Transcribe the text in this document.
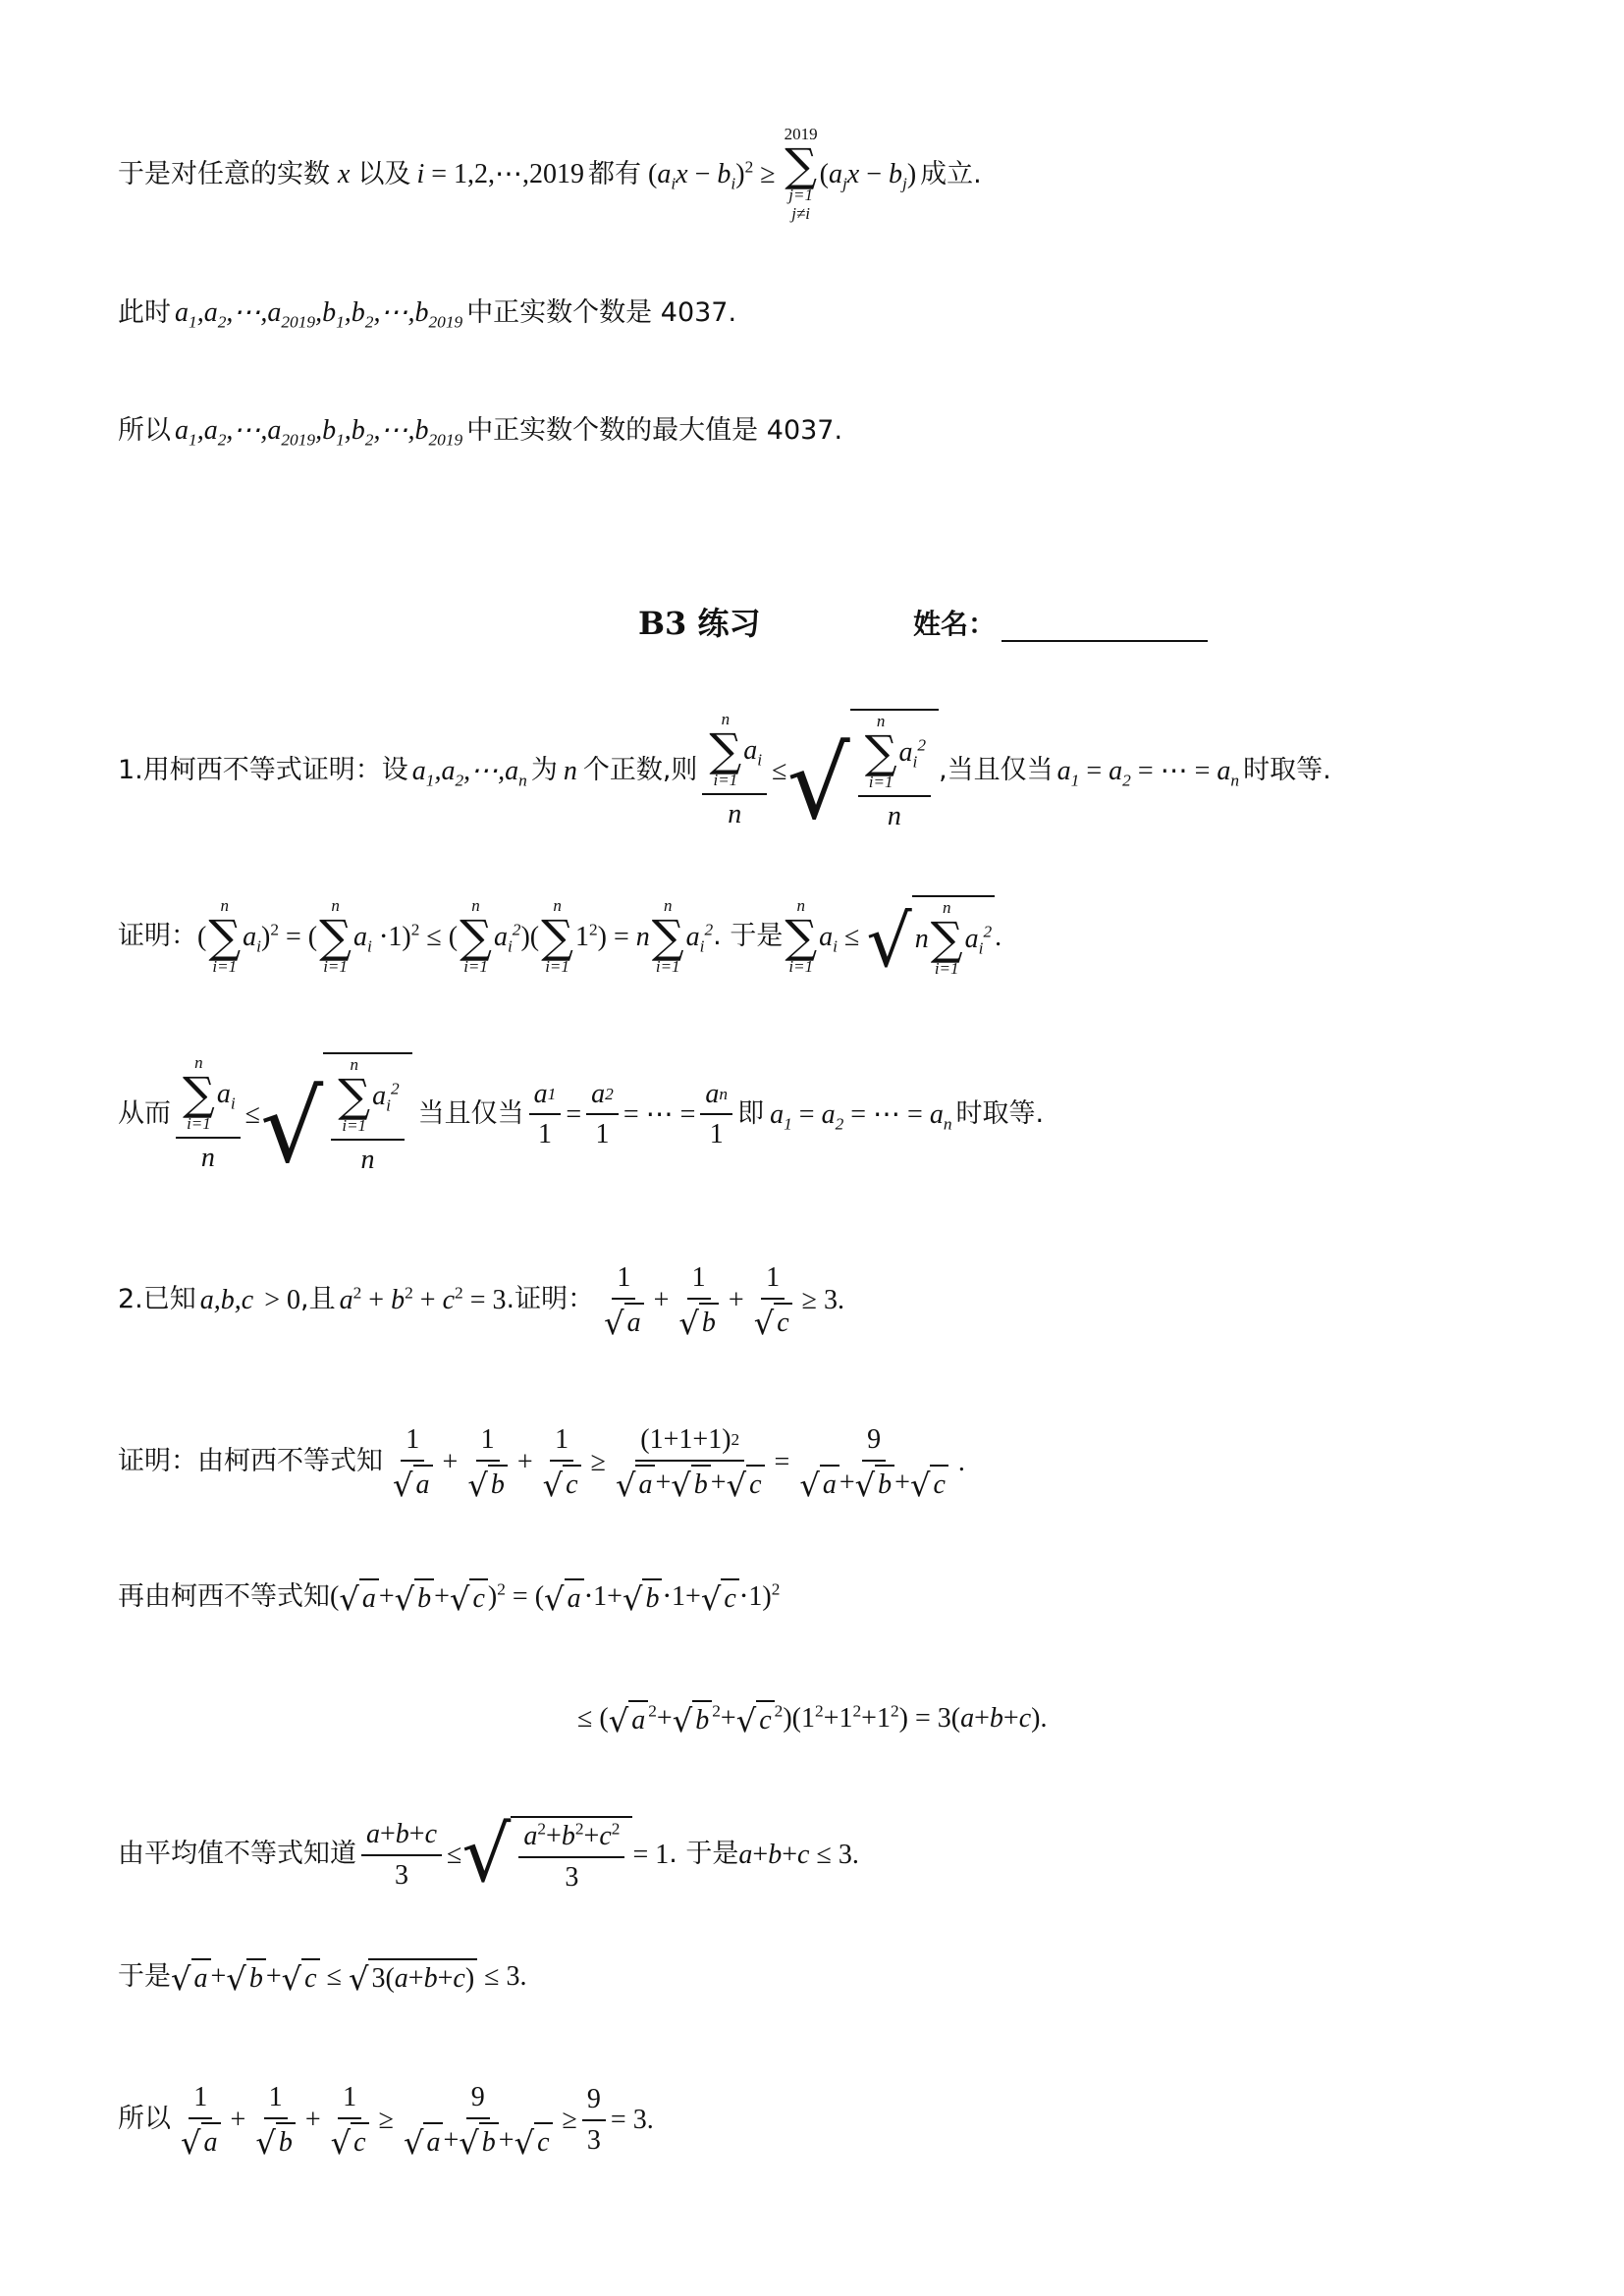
于是对任意的实数 x 以及 i = 1,2,⋯,2019 都有 ( $a_ix - b_i$ )$^2$ ≥
2019
∑
j=1
j≠i
( $a_jx - b_j$ ) 成立.
此时 $a_1,a_2,\cdots,a_{2019},b_1,b_2,\cdots,b_{2019}$ 中正实数个数是 4037.
所以 $a_1,a_2,\cdots,a_{2019},b_1,b_2,\cdots,b_{2019}$ 中正实数个数的最大值是 4037.
B3 练习	姓名：
1.用柯西不等式证明：设 $a_1,a_2,\cdots,a_n$ 为 n 个正数,则 n
∑
i=1
$a_i$
n ≤ √ n
∑
i=1
$a_i^2$
n ,当且仅当 $a_1 = a_2$ = ⋯ = $a_n$ 时取等.
证明： (
n
∑
i=1
$a_i$ )$^2$ = (
n
∑
i=1
$a_i \cdot 1)^2$ ≤ (
n
∑
i=1
$a_i^2$ )(
n
∑
i=1
$1^2) = n$
n
∑
i=1
$a_i^2$ . 于是
n
∑
i=1
$a_i$ ≤ √ n
n
∑
i=1
$a_i^2$ .
从而 n
∑
i=1
$a_i$
n ≤ √ n
∑
i=1
$a_i^2$
n 当且仅当 $\frac{a 1}{1} = \frac{a 2}{1}$ = ⋯ = $\frac{\text{a n}}{1}$ 即 $a_1 = a_2$ = ⋯ = $a_n$ 时取等.
2.已知 a,b,c > 0 ,且 a $^2$ + b $^2$ + c $^2$ = 3 .证明： $\frac{1}{√ a} + \frac{1}{√ b} + \frac{1}{√ c} \ge 3$.
证明： 由柯西不等式知 $\frac{1}{√ a} + \frac{1}{√ b} + \frac{1}{√ c} \ge \frac{(1+1+1) 2}{√ a + √ b + √ c} = \frac{9}{√ a + √ b + √ c}$ .
再由柯西不等式知 ( √ a + √ b + √ c )$^2$ = ( √ a ⋅1+ √ b ⋅1+ √ c ⋅1)$^2$
≤ ( √ a $^2$+ √ b $^2$+ √ c $^2)(1^2+1^2+1^2) = 3$( a + b + c ).
由平均值不等式知道 $\frac{a + b + c}{3}$ ≤ √ $\frac{a ^2+ b ^2+ c ^2}{3} = 1$ . 于是 a + b + c ≤ 3.
于是 √ a + √ b + √ c ≤ √ 3( a + b + c ) ≤ 3.
所以 $\frac{1}{√ a} + \frac{1}{√ b} + \frac{1}{√ c} \ge \frac{9}{√ a + √ b + √ c} \ge \frac{9}{3} = 3$.
